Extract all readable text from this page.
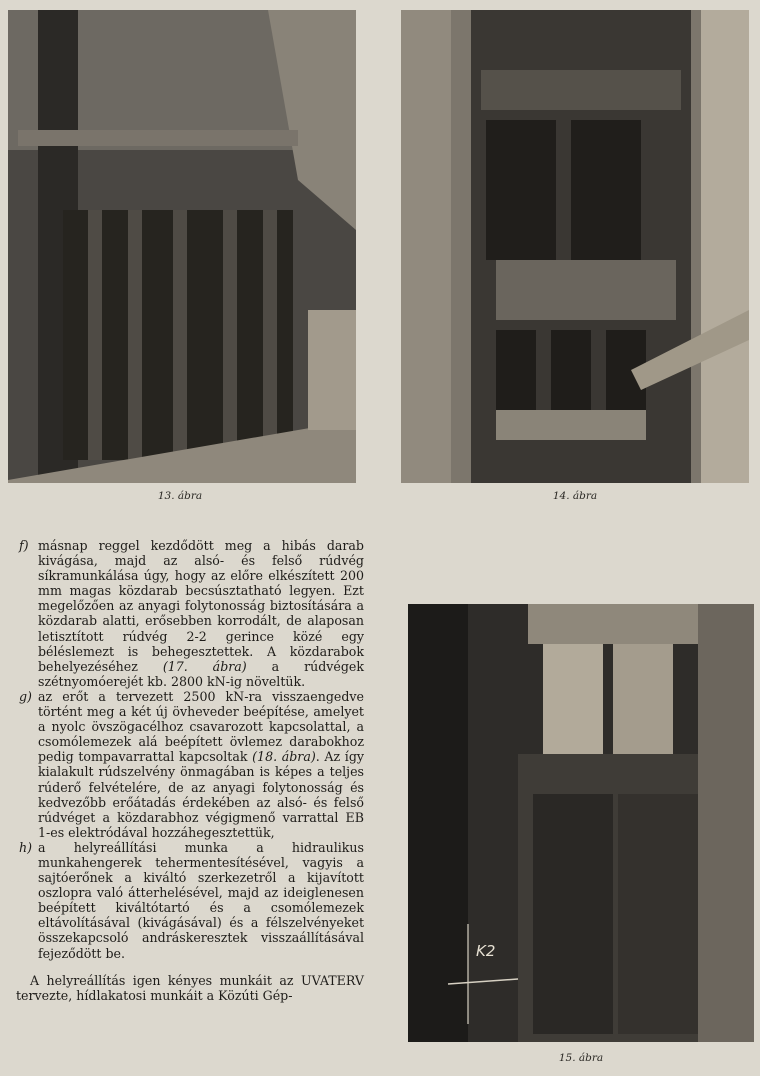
13. ábra	14. ábra
K2
15. ábra
f) másnap reggel kezdődött meg a hibás darab kivágása, majd az alsó- és felső rúdvég síkramunkálása úgy, hogy az előre elkészített 200 mm magas közdarab becsúsztatható legyen. Ezt megelőzően az anyagi folytonosság biztosítására a közdarab alatti, erősebben korrodált, de alaposan letisztított rúdvég 2-2 gerince közé egy béléslemezt is behegesztettek. A közdarabok behelyezéséhez (17. ábra) a rúdvégek szétnyomóerejét kb. 2800 kN-ig növeltük.
g) az erőt a tervezett 2500 kN-ra visszaengedve történt meg a két új övheveder beépítése, amelyet a nyolc övszögacélhoz csavarozott kapcsolattal, a csomólemezek alá beépített övlemez darabokhoz pedig tompavarrattal kapcsoltak (18. ábra). Az így kialakult rúdszelvény önmagában is képes a teljes rúderő felvételére, de az anyagi folytonosság és kedvezőbb erőátadás érdekében az alsó- és felső rúdvéget a közdarabhoz végigmenő varrattal EB 1-es elektródával hozzáhegesztettük,
h) a helyreállítási munka a hidraulikus munkahengerek tehermentesítésével, vagyis a sajtóerőnek a kiváltó szerkezetről a kijavított oszlopra való átterhelésével, majd az ideiglenesen beépített kiváltótartó és a csomólemezek eltávolításával (kivágásával) és a félszelvényeket összekapcsoló andráskeresztek visszaállításával fejeződött be.
A helyreállítás igen kényes munkáit az UVATERV tervezte, hídlakatosi munkáit a Közúti Gép-
